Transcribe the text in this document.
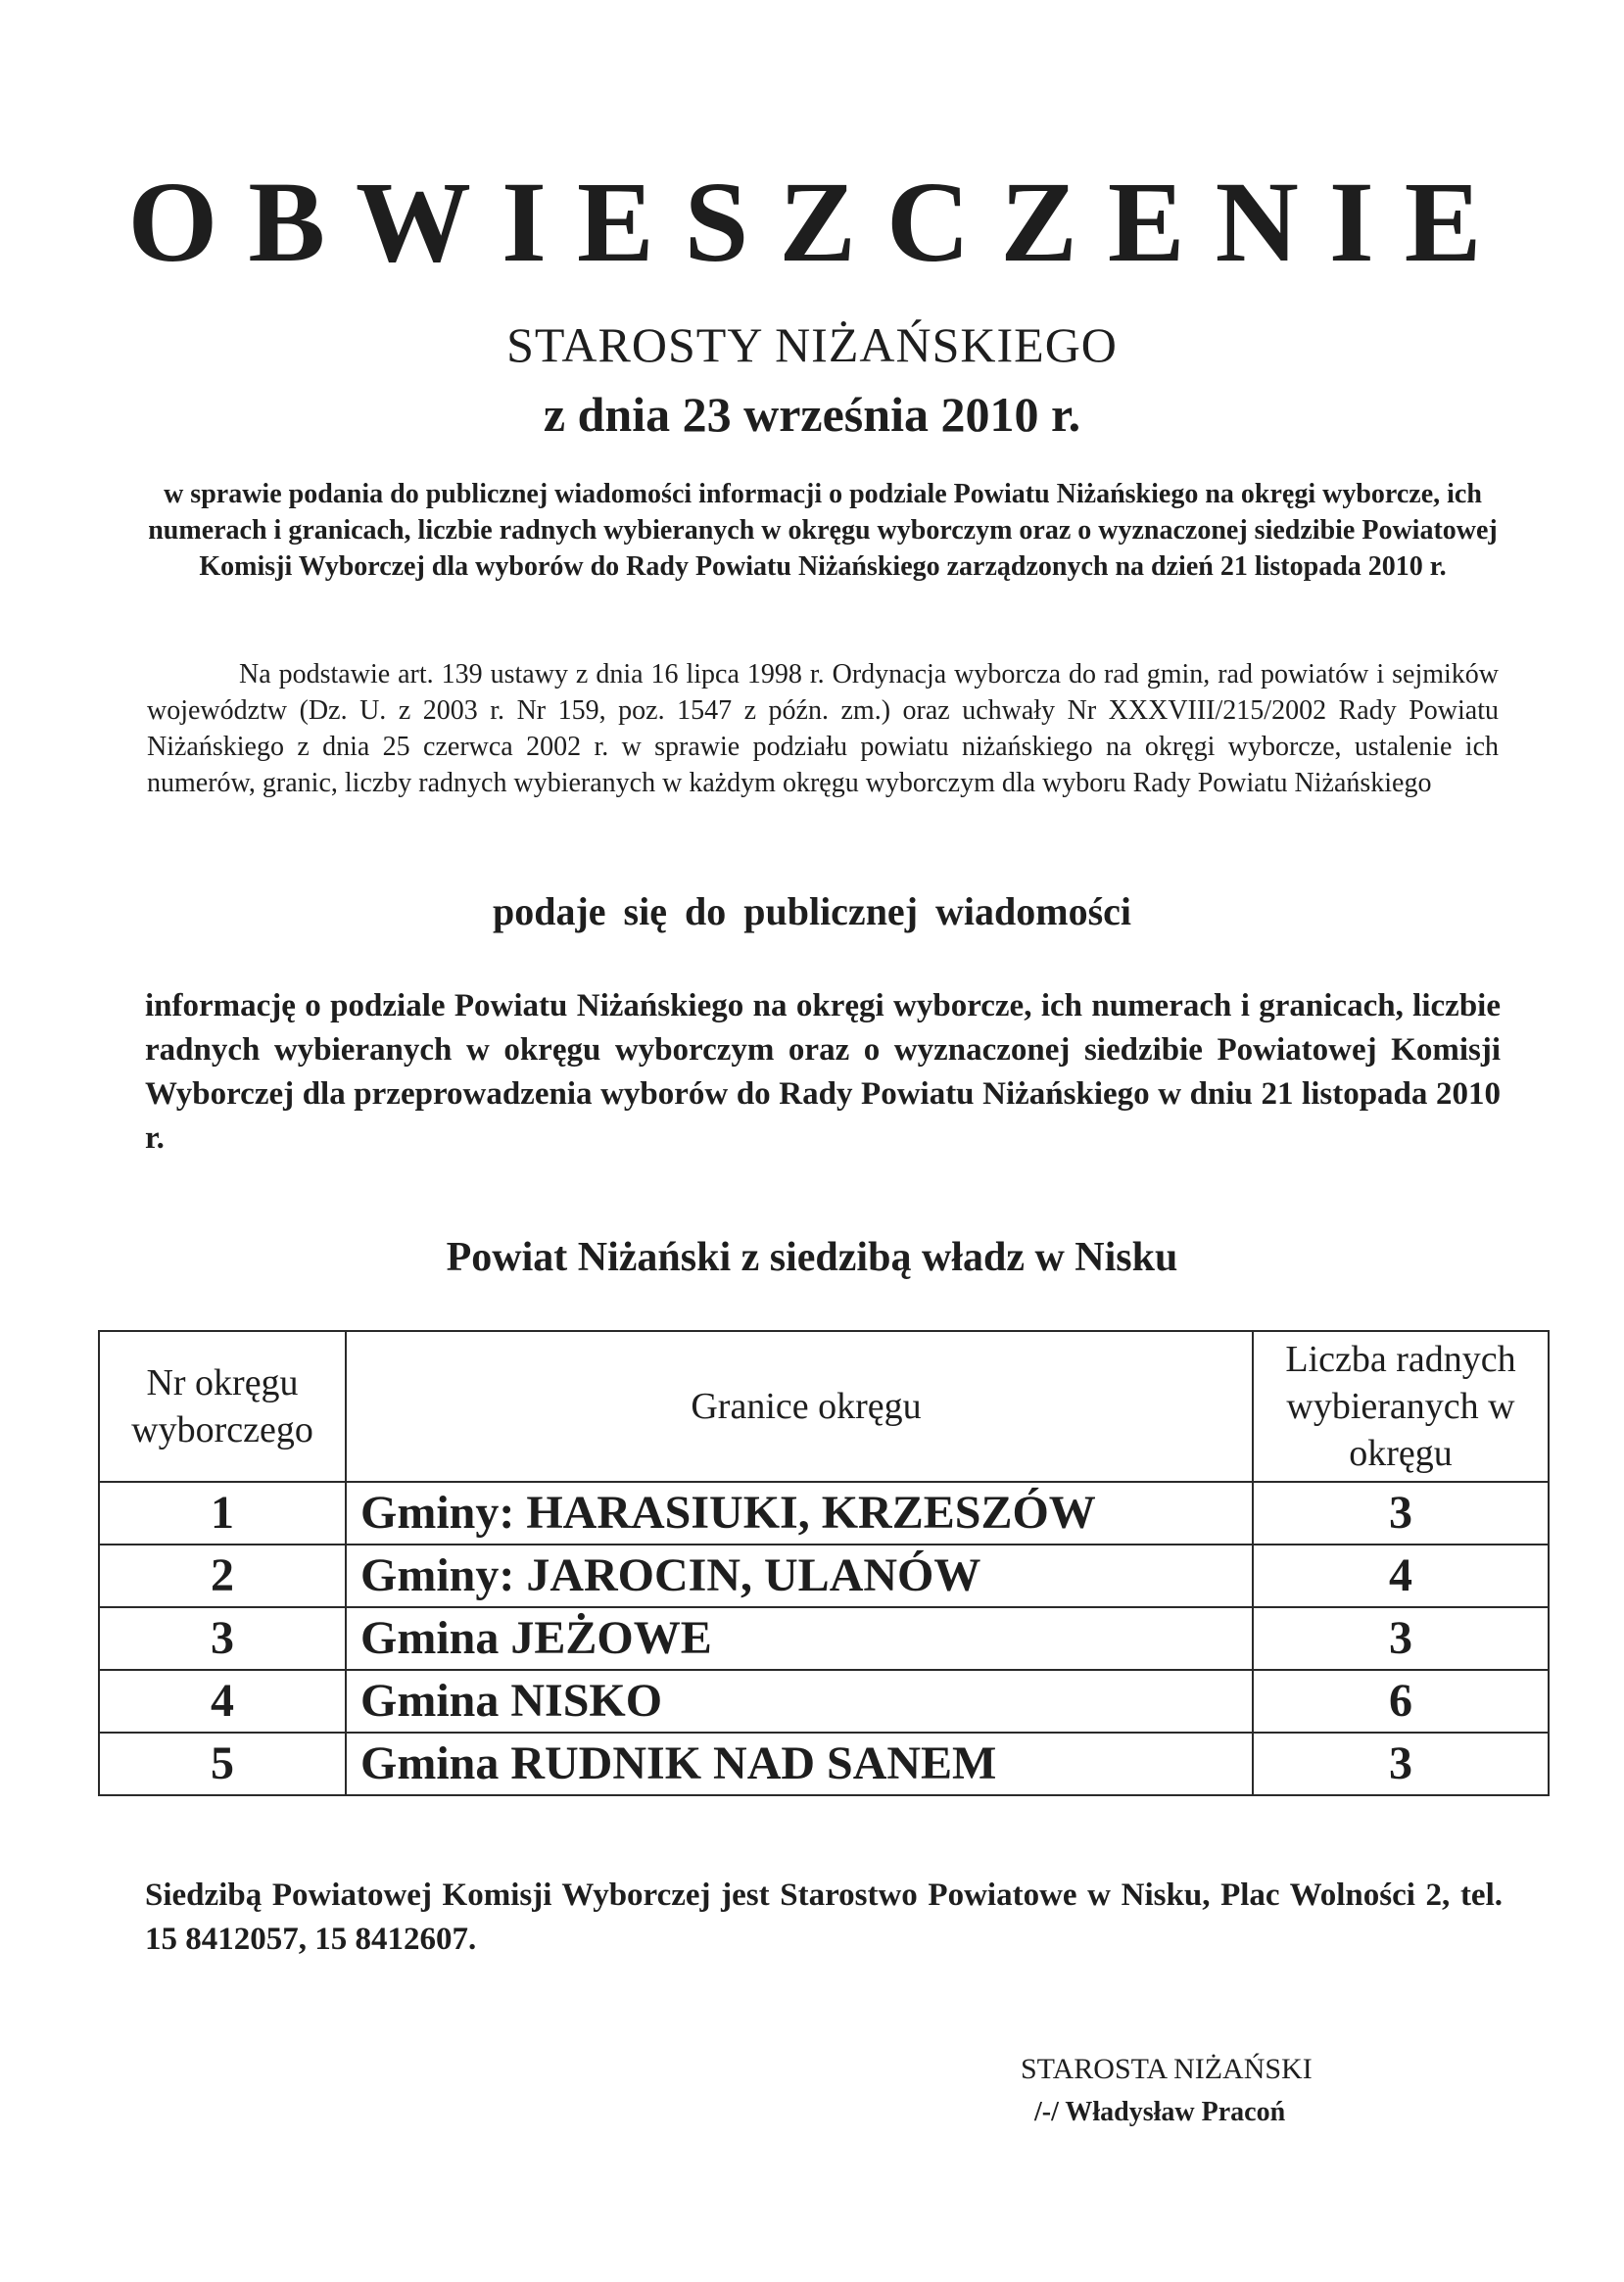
OBWIESZCZENIE
STAROSTY NIŻAŃSKIEGO
z dnia 23 września 2010 r.
w sprawie podania do publicznej wiadomości informacji o podziale Powiatu Niżańskiego na okręgi wyborcze, ich numerach i granicach, liczbie radnych wybieranych w okręgu wyborczym oraz o wyznaczonej siedzibie Powiatowej Komisji Wyborczej dla wyborów do Rady Powiatu Niżańskiego zarządzonych na dzień 21 listopada 2010 r.
Na podstawie art. 139 ustawy z dnia 16 lipca 1998 r. Ordynacja wyborcza do rad gmin, rad powiatów i sejmików województw (Dz. U. z 2003 r. Nr 159, poz. 1547 z późn. zm.) oraz uchwały Nr XXXVIII/215/2002 Rady Powiatu Niżańskiego z dnia 25 czerwca 2002 r. w sprawie podziału powiatu niżańskiego na okręgi wyborcze, ustalenie ich numerów, granic, liczby radnych wybieranych w każdym okręgu wyborczym dla wyboru Rady Powiatu Niżańskiego
podaje się do publicznej wiadomości
informację o podziale Powiatu Niżańskiego na okręgi wyborcze, ich numerach i granicach, liczbie radnych wybieranych w okręgu wyborczym oraz o wyznaczonej siedzibie Powiatowej Komisji Wyborczej dla przeprowadzenia wyborów do Rady Powiatu Niżańskiego w dniu 21 listopada 2010 r.
Powiat Niżański z siedzibą władz w Nisku
Nr okręgu wyborczego	Granice okręgu	Liczba radnych wybieranych w okręgu
1	Gminy: HARASIUKI, KRZESZÓW	3
2	Gminy: JAROCIN, ULANÓW	4
3	Gmina JEŻOWE	3
4	Gmina NISKO	6
5	Gmina RUDNIK NAD SANEM	3
Siedzibą Powiatowej Komisji Wyborczej jest Starostwo Powiatowe w Nisku, Plac Wolności 2, tel. 15 8412057, 15 8412607.
STAROSTA NIŻAŃSKI
/-/ Władysław Pracoń
